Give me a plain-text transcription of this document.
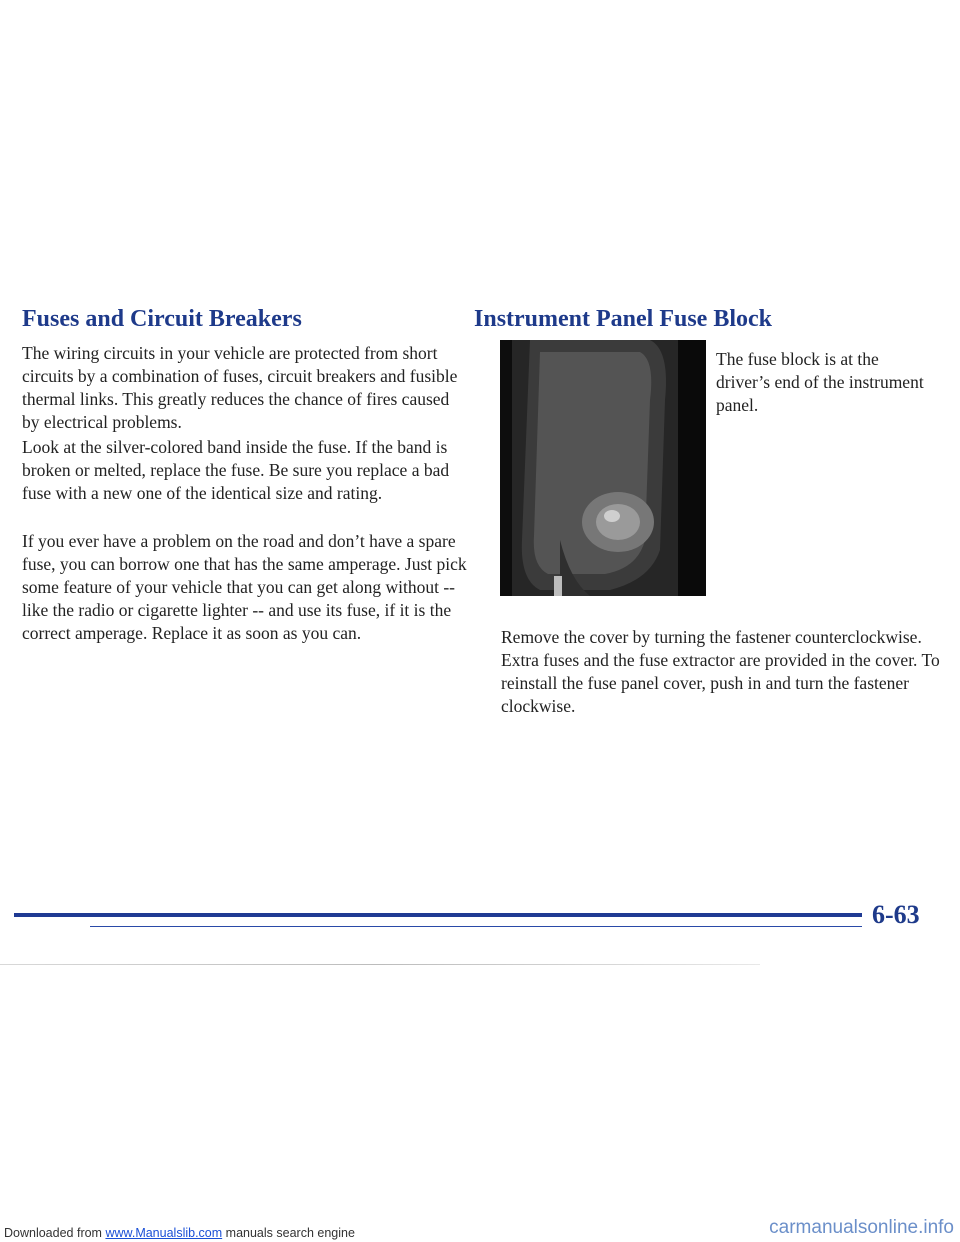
Fuses and Circuit Breakers

The wiring circuits in your vehicle are protected from short circuits by a combination of fuses, circuit breakers and fusible thermal links. This greatly reduces the chance of fires caused by electrical problems.

Look at the silver-colored band inside the fuse. If the band is broken or melted, replace the fuse. Be sure you replace a bad fuse with a new one of the identical size and rating.

If you ever have a problem on the road and don’t have a spare fuse, you can borrow one that has the same amperage. Just pick some feature of your vehicle that you can get along without -- like the radio or cigarette lighter -- and use its fuse, if it is the correct amperage. Replace it as soon as you can.

Instrument Panel Fuse Block

The fuse block is at the driver’s end of the instrument panel.

Remove the cover by turning the fastener counterclockwise. Extra fuses and the fuse extractor are provided in the cover. To reinstall the fuse panel cover, push in and turn the fastener clockwise.

6-63

Downloaded from www.Manualslib.com manuals search engine	carmanualsonline.info
